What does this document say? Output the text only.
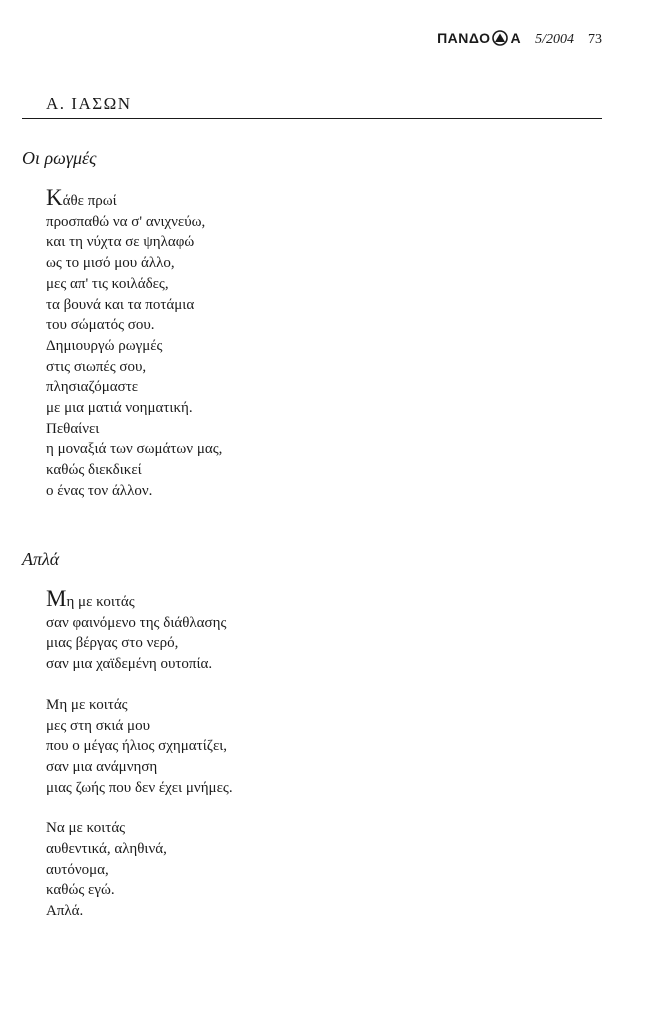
ΠΑΝΔΟ Α 5/2004 73
Α. ΙΑΣΩΝ
Οι ρωγμές
Κάθε πρωί
προσπαθώ να σ' ανιχνεύω,
και τη νύχτα σε ψηλαφώ
ως το μισό μου άλλο,
μες απ' τις κοιλάδες,
τα βουνά και τα ποτάμια
του σώματός σου.
Δημιουργώ ρωγμές
στις σιωπές σου,
πλησιαζόμαστε
με μια ματιά νοηματική.
Πεθαίνει
η μοναξιά των σωμάτων μας,
καθώς διεκδικεί
ο ένας τον άλλον.
Απλά
Μη με κοιτάς
σαν φαινόμενο της διάθλασης
μιας βέργας στο νερό,
σαν μια χαϊδεμένη ουτοπία.
Μη με κοιτάς
μες στη σκιά μου
που ο μέγας ήλιος σχηματίζει,
σαν μια ανάμνηση
μιας ζωής που δεν έχει μνήμες.
Να με κοιτάς
αυθεντικά, αληθινά,
αυτόνομα,
καθώς εγώ.
Απλά.
